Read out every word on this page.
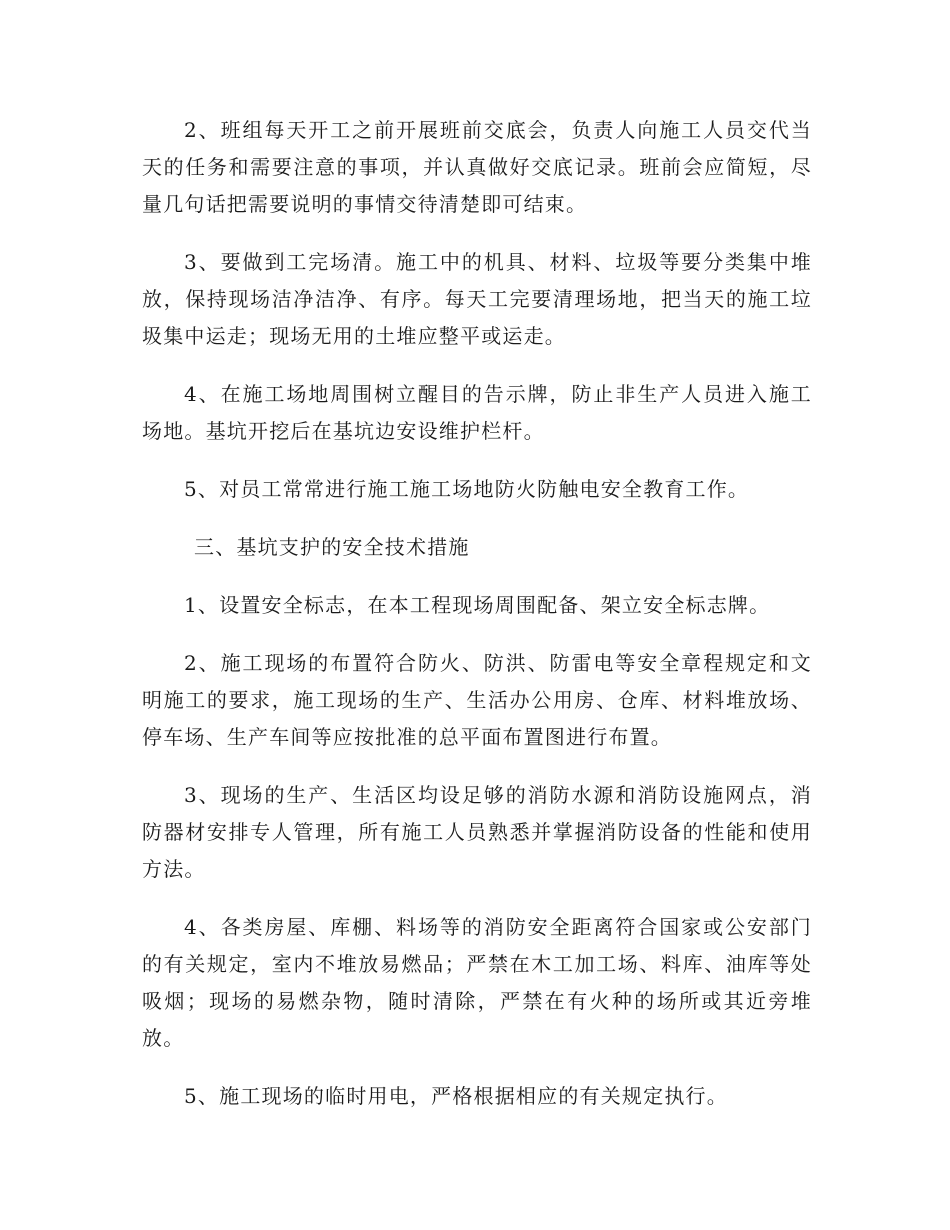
2、班组每天开工之前开展班前交底会，负责人向施工人员交代当天的任务和需要注意的事项，并认真做好交底记录。班前会应简短，尽量几句话把需要说明的事情交待清楚即可结束。

3、要做到工完场清。施工中的机具、材料、垃圾等要分类集中堆放，保持现场洁净洁净、有序。每天工完要清理场地，把当天的施工垃圾集中运走；现场无用的土堆应整平或运走。

4、在施工场地周围树立醒目的告示牌，防止非生产人员进入施工场地。基坑开挖后在基坑边安设维护栏杆。

5、对员工常常进行施工施工场地防火防触电安全教育工作。

三、基坑支护的安全技术措施

1、设置安全标志，在本工程现场周围配备、架立安全标志牌。

2、施工现场的布置符合防火、防洪、防雷电等安全章程规定和文明施工的要求，施工现场的生产、生活办公用房、仓库、材料堆放场、停车场、生产车间等应按批准的总平面布置图进行布置。

3、现场的生产、生活区均设足够的消防水源和消防设施网点，消防器材安排专人管理，所有施工人员熟悉并掌握消防设备的性能和使用方法。

4、各类房屋、库棚、料场等的消防安全距离符合国家或公安部门的有关规定，室内不堆放易燃品；严禁在木工加工场、料库、油库等处吸烟；现场的易燃杂物，随时清除，严禁在有火种的场所或其近旁堆放。

5、施工现场的临时用电，严格根据相应的有关规定执行。
